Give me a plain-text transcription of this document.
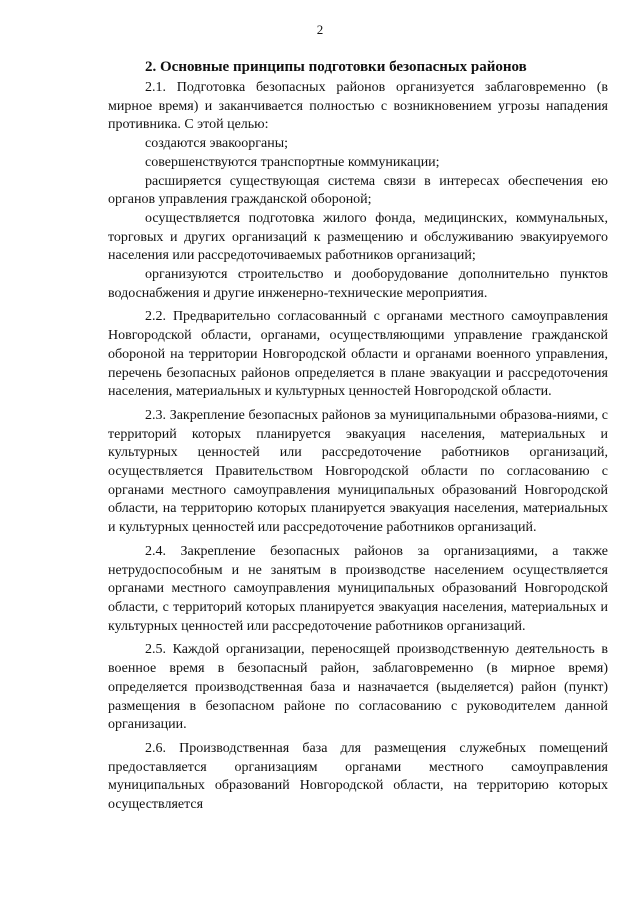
2

2. Основные принципы подготовки безопасных районов

2.1. Подготовка безопасных районов организуется заблаговременно (в мирное время) и заканчивается полностью с возникновением угрозы нападения противника. С этой целью:

создаются эвакоорганы;

совершенствуются транспортные коммуникации;

расширяется существующая система связи в интересах обеспечения ею органов управления гражданской обороной;

осуществляется подготовка жилого фонда, медицинских, коммунальных, торговых и других организаций к размещению и обслуживанию эвакуируемого населения или рассредоточиваемых работников организаций;

организуются строительство и дооборудование дополнительно пунктов водоснабжения и другие инженерно-технические мероприятия.

2.2. Предварительно согласованный с органами местного самоуправления Новгородской области, органами, осуществляющими управление гражданской обороной на территории Новгородской области и органами военного управления, перечень безопасных районов определяется в плане эвакуации и рассредоточения населения, материальных и культурных ценностей Новгородской области.

2.3. Закрепление безопасных районов за муниципальными образова-ниями, с территорий которых планируется эвакуация населения, материальных и культурных ценностей или рассредоточение работников организаций, осуществляется Правительством Новгородской области по согласованию с органами местного самоуправления муниципальных образований Новгородской области, на территорию которых планируется эвакуация населения, материальных и культурных ценностей или рассредоточение работников организаций.

2.4. Закрепление безопасных районов за организациями, а также нетрудоспособным и не занятым в производстве населением осуществляется органами местного самоуправления муниципальных образований Новгородской области, с территорий которых планируется эвакуация населения, материальных и культурных ценностей или рассредоточение работников организаций.

2.5. Каждой организации, переносящей производственную деятельность в военное время в безопасный район, заблаговременно (в мирное время) определяется производственная база и назначается (выделяется) район (пункт) размещения в безопасном районе по согласованию с руководителем данной организации.

2.6. Производственная база для размещения служебных помещений предоставляется организациям органами местного самоуправления муниципальных образований Новгородской области, на территорию которых осуществляется
